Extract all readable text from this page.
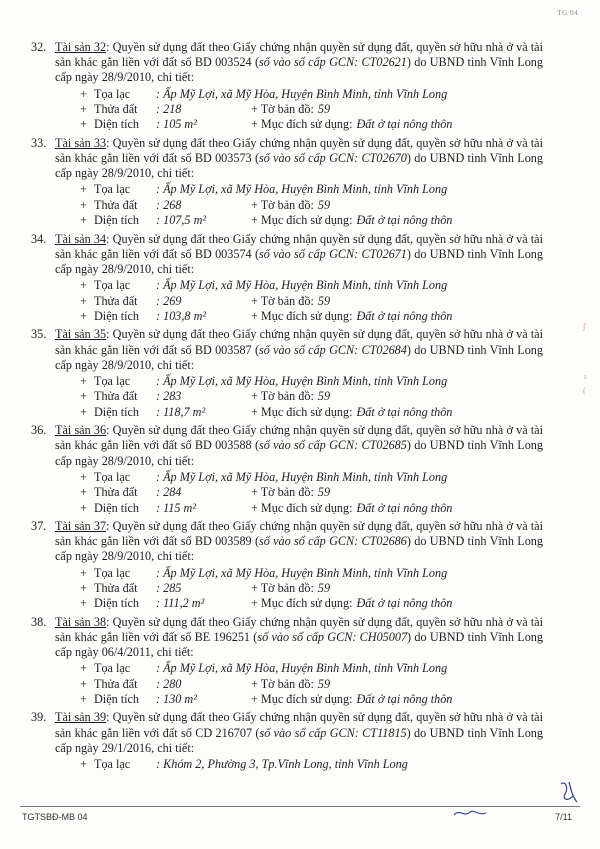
TG 04

32. Tài sản 32: Quyền sử dụng đất theo Giấy chứng nhận quyền sử dụng đất, quyền sở hữu nhà ở và tài sản khác gắn liền với đất số BD 003524 (số vào sổ cấp GCN: CT02621) do UBND tỉnh Vĩnh Long cấp ngày 28/9/2010, chi tiết:

+ Tọa lạc	: Ấp Mỹ Lợi, xã Mỹ Hòa, Huyện Bình Minh, tỉnh Vĩnh Long
+ Thửa đất	: 218	+ Tờ bản đồ: 59
+ Diện tích	: 105 m²	+ Mục đích sử dụng: Đất ở tại nông thôn

33. Tài sản 33: Quyền sử dụng đất theo Giấy chứng nhận quyền sử dụng đất, quyền sở hữu nhà ở và tài sản khác gắn liền với đất số BD 003573 (số vào sổ cấp GCN: CT02670) do UBND tỉnh Vĩnh Long cấp ngày 28/9/2010, chi tiết:

+ Tọa lạc	: Ấp Mỹ Lợi, xã Mỹ Hòa, Huyện Bình Minh, tỉnh Vĩnh Long
+ Thửa đất	: 268	+ Tờ bản đồ: 59
+ Diện tích	: 107,5 m²	+ Mục đích sử dụng: Đất ở tại nông thôn

34. Tài sản 34: Quyền sử dụng đất theo Giấy chứng nhận quyền sử dụng đất, quyền sở hữu nhà ở và tài sản khác gắn liền với đất số BD 003574 (số vào sổ cấp GCN: CT02671) do UBND tỉnh Vĩnh Long cấp ngày 28/9/2010, chi tiết:

+ Tọa lạc	: Ấp Mỹ Lợi, xã Mỹ Hòa, Huyện Bình Minh, tỉnh Vĩnh Long
+ Thửa đất	: 269	+ Tờ bản đồ: 59
+ Diện tích	: 103,8 m²	+ Mục đích sử dụng: Đất ở tại nông thôn

35. Tài sản 35: Quyền sử dụng đất theo Giấy chứng nhận quyền sử dụng đất, quyền sở hữu nhà ở và tài sản khác gắn liền với đất số BD 003587 (số vào sổ cấp GCN: CT02684) do UBND tỉnh Vĩnh Long cấp ngày 28/9/2010, chi tiết:

+ Tọa lạc	: Ấp Mỹ Lợi, xã Mỹ Hòa, Huyện Bình Minh, tỉnh Vĩnh Long
+ Thửa đất	: 283	+ Tờ bản đồ: 59
+ Diện tích	: 118,7 m²	+ Mục đích sử dụng: Đất ở tại nông thôn

36. Tài sản 36: Quyền sử dụng đất theo Giấy chứng nhận quyền sử dụng đất, quyền sở hữu nhà ở và tài sản khác gắn liền với đất số BD 003588 (số vào sổ cấp GCN: CT02685) do UBND tỉnh Vĩnh Long cấp ngày 28/9/2010, chi tiết:

+ Tọa lạc	: Ấp Mỹ Lợi, xã Mỹ Hòa, Huyện Bình Minh, tỉnh Vĩnh Long
+ Thửa đất	: 284	+ Tờ bản đồ: 59
+ Diện tích	: 115 m²	+ Mục đích sử dụng: Đất ở tại nông thôn

37. Tài sản 37: Quyền sử dụng đất theo Giấy chứng nhận quyền sử dụng đất, quyền sở hữu nhà ở và tài sản khác gắn liền với đất số BD 003589 (số vào sổ cấp GCN: CT02686) do UBND tỉnh Vĩnh Long cấp ngày 28/9/2010, chi tiết:

+ Tọa lạc	: Ấp Mỹ Lợi, xã Mỹ Hòa, Huyện Bình Minh, tỉnh Vĩnh Long
+ Thửa đất	: 285	+ Tờ bản đồ: 59
+ Diện tích	: 111,2 m²	+ Mục đích sử dụng: Đất ở tại nông thôn

38. Tài sản 38: Quyền sử dụng đất theo Giấy chứng nhận quyền sử dụng đất, quyền sở hữu nhà ở và tài sản khác gắn liền với đất số BE 196251 (số vào sổ cấp GCN: CH05007) do UBND tỉnh Vĩnh Long cấp ngày 06/4/2011, chi tiết:

+ Tọa lạc	: Ấp Mỹ Lợi, xã Mỹ Hòa, Huyện Bình Minh, tỉnh Vĩnh Long
+ Thửa đất	: 280	+ Tờ bản đồ: 59
+ Diện tích	: 130 m²	+ Mục đích sử dụng: Đất ở tại nông thôn

39. Tài sản 39: Quyền sử dụng đất theo Giấy chứng nhận quyền sử dụng đất, quyền sở hữu nhà ở và tài sản khác gắn liền với đất số CD 216707 (số vào sổ cấp GCN: CT11815) do UBND tỉnh Vĩnh Long cấp ngày 29/1/2016, chi tiết:

+ Tọa lạc	: Khóm 2, Phường 3, Tp.Vĩnh Long, tỉnh Vĩnh Long
∫
ı
(
TGTSBĐ-MB 04	7/11
